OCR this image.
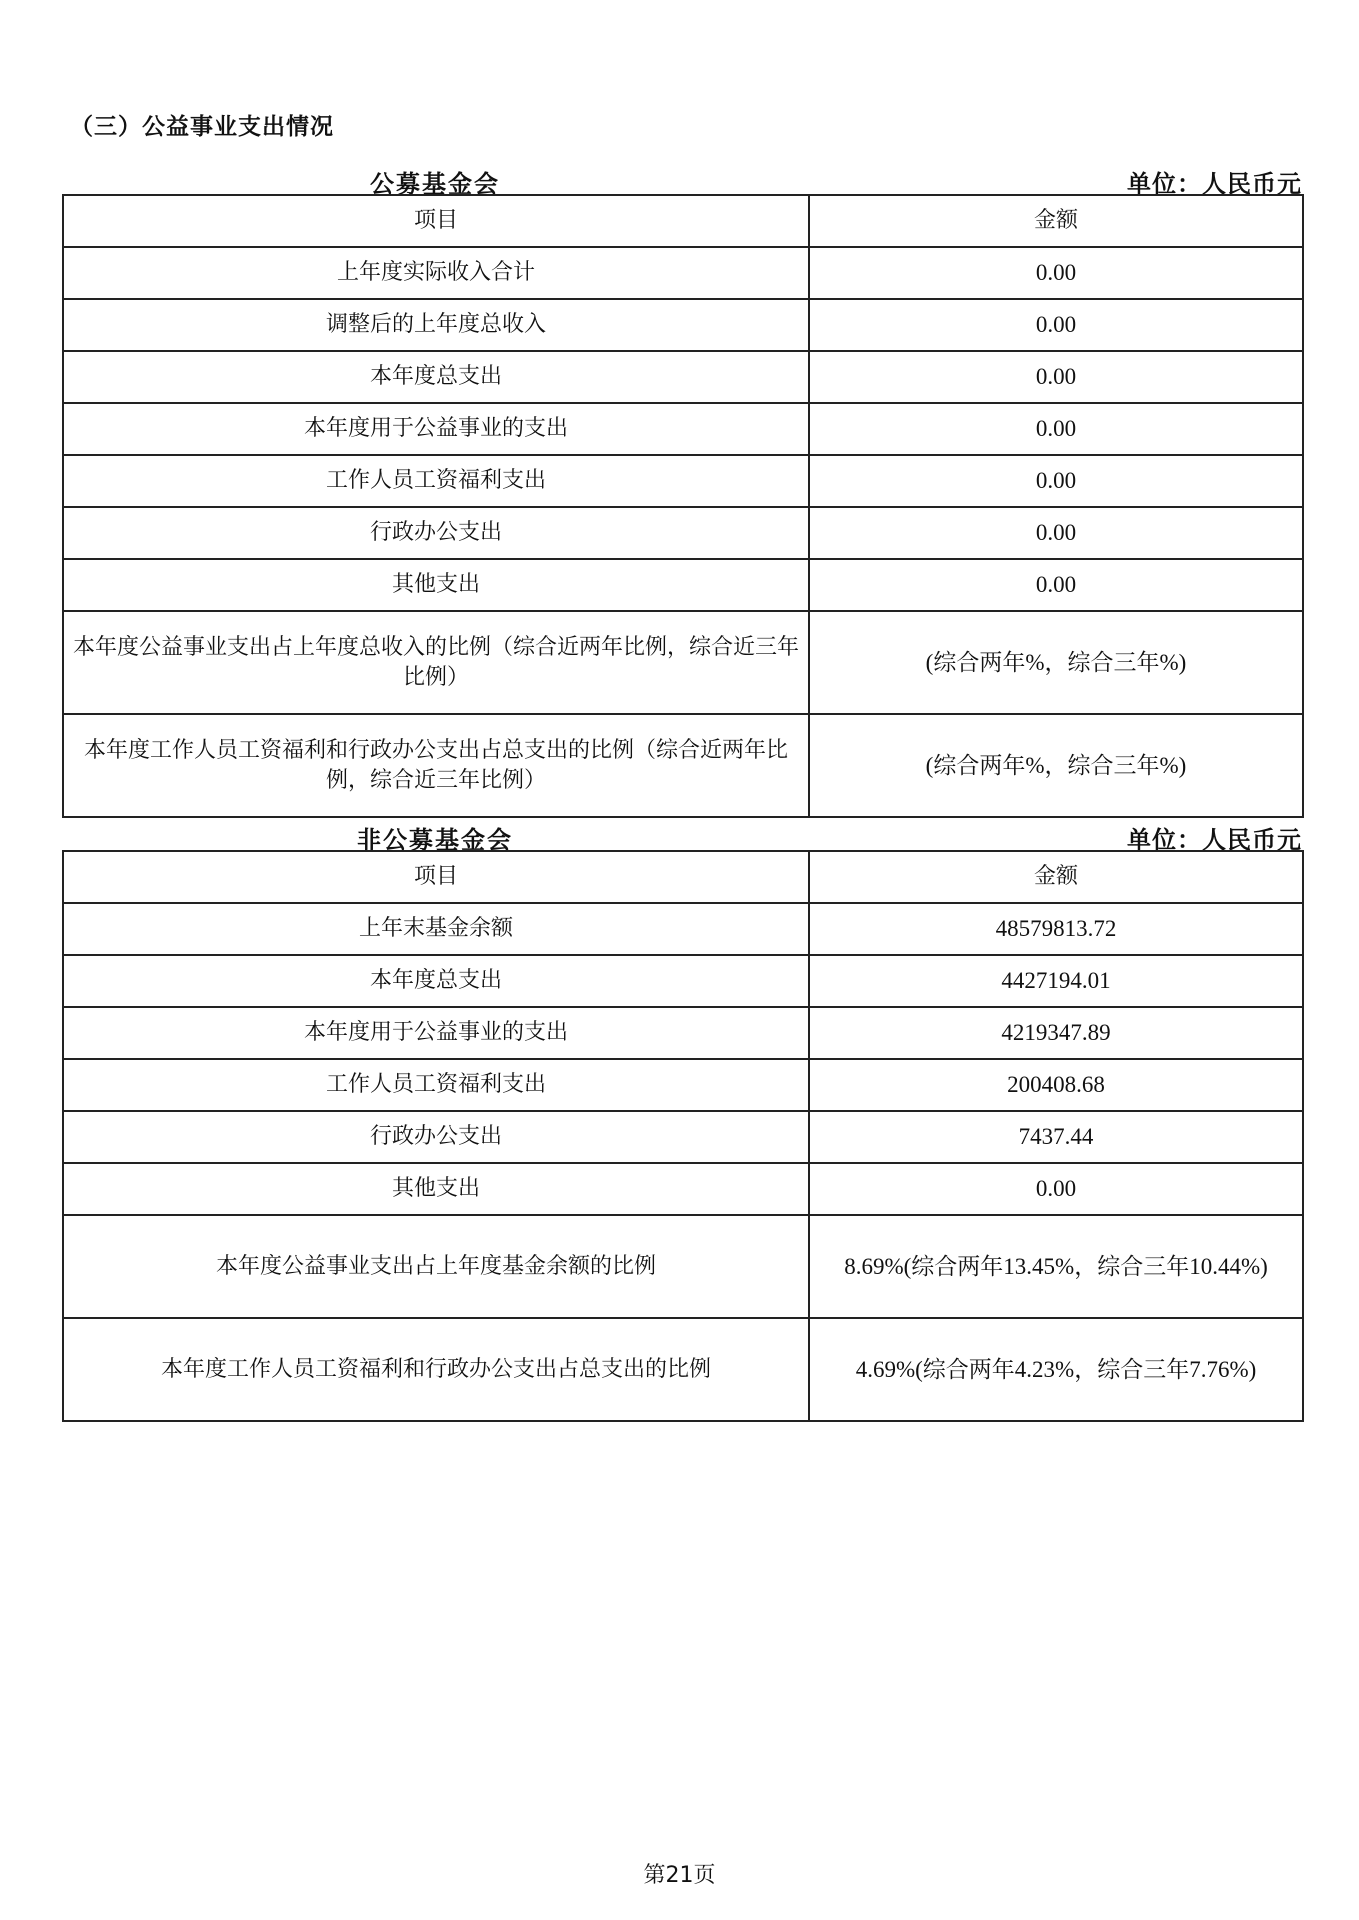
（三）公益事业支出情况
公募基金会	单位：人民币元
项目	金额
上年度实际收入合计	0.00
调整后的上年度总收入	0.00
本年度总支出	0.00
本年度用于公益事业的支出	0.00
工作人员工资福利支出	0.00
行政办公支出	0.00
其他支出	0.00
本年度公益事业支出占上年度总收入的比例（综合近两年比例，综合近三年比例）	(综合两年%，综合三年%)
本年度工作人员工资福利和行政办公支出占总支出的比例（综合近两年比例，综合近三年比例）	(综合两年%，综合三年%)
非公募基金会	单位：人民币元
项目	金额
上年末基金余额	48579813.72
本年度总支出	4427194.01
本年度用于公益事业的支出	4219347.89
工作人员工资福利支出	200408.68
行政办公支出	7437.44
其他支出	0.00
本年度公益事业支出占上年度基金余额的比例	8.69%(综合两年13.45%，综合三年10.44%)
本年度工作人员工资福利和行政办公支出占总支出的比例	4.69%(综合两年4.23%，综合三年7.76%)
第21页
